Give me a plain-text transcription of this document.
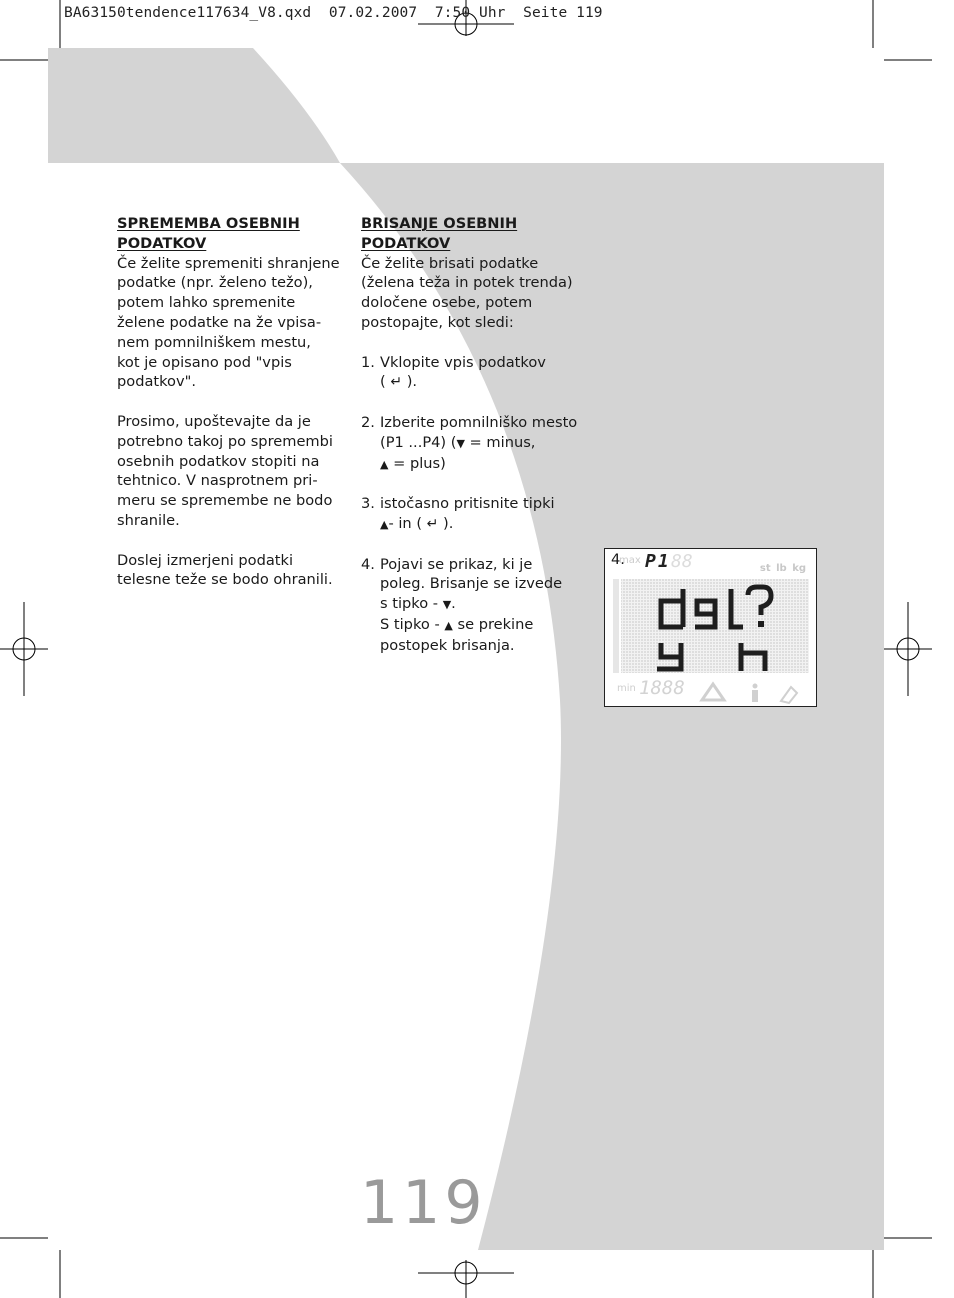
BA63150tendence117634_V8.qxd  07.02.2007  7:50 Uhr  Seite 119

SPREMEMBA OSEBNIH

PODATKOV

Če želite spremeniti shranjene

podatke (npr. želeno težo),

potem lahko spremenite

želene podatke na že vpisa-

nem pomnilniškem mestu,

kot je opisano pod "vpis

podatkov".

Prosimo, upoštevajte da je

potrebno takoj po spremembi

osebnih podatkov stopiti na

tehtnico. V nasprotnem pri-

meru se spremembe ne bodo

shranile.

Doslej izmerjeni podatki

telesne teže se bodo ohranili.

BRISANJE OSEBNIH

PODATKOV

Če želite brisati podatke

(želena teža in potek trenda)

določene osebe, potem

postopajte, kot sledi:

1. Vklopite vpis podatkov

( ↵ ).

2. Izberite pomnilniško mesto

(P1 ...P4) (▼ = minus,

▲ = plus)

3. istočasno pritisnite tipki

▲- in ( ↵ ).

4. Pojavi se prikaz, ki je

poleg. Brisanje se izvede

s tipko - ▼.

S tipko - ▲ se prekine

postopek brisanja.

4.
max P1 88	st lb kg
min 1888
119
